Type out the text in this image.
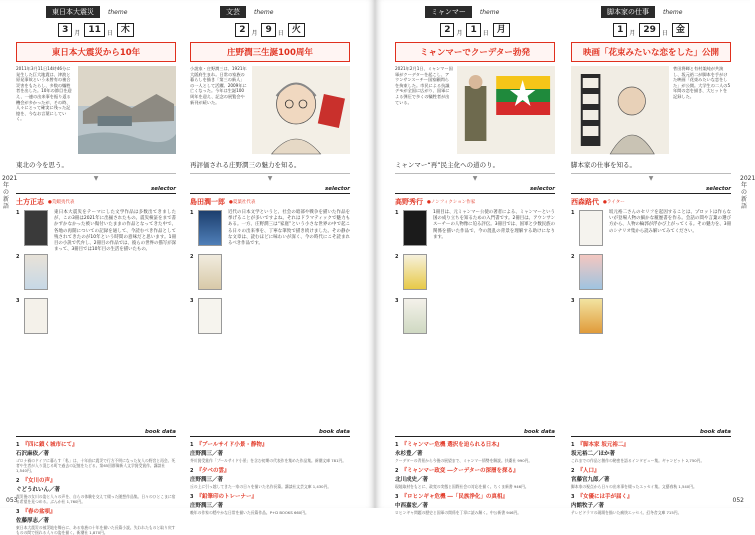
2021年の新語
053
東日本大震災	theme
3	月 11	日 木
東日本大震災から10年
2011年3月11日14時46分に発生した巨大地震は、津波と原発事故という未曾有の複合災害をもたらし、多数の犠牲者を出した。10年の節目を迎え、一連の出来事を振り返る機会が多かったが、その時、人々にとって確実に残った記憶を、今なお言葉にしていく。
東北の今を思う。
▼
selector
土方正志 ●荒蝦夷代表
1
2
3
東日本大震災をテーマにした文学作品は多数出てきましたが、この3冊は2021年に出揃されたもの。震災検証をまで書かずかなかった被い傷付いたままの作品となってきた中で、各地の再開についての記録を通して、今読むべき作品として残されてきたのが10年という時間の意味だと思います。1冊目の小説で代弁し、2冊目の作品では、彼らの世界の描写が深まって、3冊目では10年目の生活を描いたもの。
book data
1 『四に鎖く城市にて』
石沢麻依／著
ゴロナ禍のドイツに暮らす「私」は、十年前に震災で行方不明になった友人の野宮と再会。死者や生者が入り混じる町で過去の記憶をたどる。第65回群像新人文学賞受賞作。講談社 1,540円。
2 『女川の声』
ぐどうれいん／著
震災後の女川の姿と人々の声を、自らの体験を交えて綴った随想作品集。日々のひとこまに宿る希望を見つめる。ぶんか社 1,760円。
3 『春の盆唄』
佐藤厚志／著
東日本大震災の被災地を舞台に、ある家族の十年を描いた長篇小説。失われたものと取り戻すものの間で揺れる人々の姿を描く。新潮社 1,870円。
文芸	theme
2	月 9	日 火
庄野潤三生誕100周年
小説家・庄野潤三は、1921年大阪府生まれ。日常の家族の暮らしを描き「第三の新人」の一人として活躍。2009年に亡くなった。今年は生誕100周年を迎え、記念の展覧会や新刊が続いた。
再評価される庄野潤三の魅力を知る。
▼
selector
島田潤一郎 ●夏葉社代表
1
2
3
近代の日本文学というと、社会の暗部や戦争を描いた作品を挙げることが多いですよね。それはドラマティックで魅力もある。一方、庄野潤三は“家庭”という小さな世界の中で起こる日々の出来事を、丁寧な筆致で描き続けました。その静かな文章は、読むほどに味わいが深く、今の時代にこそ読まれるべき作品です。
book data
1 『プールサイド小景・静物』
庄野潤三／著
芥川賞受賞作「プールサイド小景」を含む初期の代表作を集めた作品集。新潮文庫 781円。
2 『夕べの雲』
庄野潤三／著
丘の上に引っ越してきた一家の日々を描いた名作長篇。講談社文芸文庫 1,430円。
3 『鉛筆印のトレーナー』
庄野潤三／著
晩年の作家の穏やかな日常を描いた長篇作品。P+D BOOKS 660円。
2021年の新語
052
ミャンマー	theme
2	月 1	日 月
ミャンマーでクーデター勃発
2021年2月1日、ミャンマー国軍がクーデターを起こし、アウンサンスーチー国家顧問らを拘束した。市民による抗議デモが全国に広がり、国軍による弾圧で多くの犠牲者が出ている。
ミャンマー“再”民主化への道のり。
▼
selector
高野秀行 ●ノンフィクション作家
1
2
3
1冊目は、元ミャンマー公使の著者による、ミャンマーという国の成り立ちを知るための入門書です。2冊目は、アウンサンスーチーの人物像に迫る評伝。3冊目では、国軍と少数民族の関係を描いた作品で、今の混乱の背景を理解する助けになります。
book data
1 『ミャンマー危機 選択を迫られる日本』
永杉豊／著
クーデターの背景から今後の展望まで、ミャンマー情勢を解説。扶桑社 990円。
2 『ミャンマー政変 ―クーデターの深層を探る』
北川成史／著
現地取材をもとに、政変の実態と国際社会の対応を描く。ちくま新書 946円。
3 『ロヒンギャ危機 ―「民族浄化」の真相』
中西嘉宏／著
ロヒンギャ問題の歴史と国軍の関係を丁寧に読み解く。中公新書 946円。
脚本家の仕事	theme
1	月 29	日 金
映画「花束みたいな恋をした」公開
菅田将暉と有村架純が共演し、坂元裕二が脚本を手がけた映画「花束みたいな恋をした」が公開。大学生の二人の5年間の恋を描き、大ヒットを記録した。
脚本家の仕事を知る。
▼
selector
西森路代 ●ライター
1
2
3
坂元裕二さんのセリフを起因することは、プロットは作らないが登場人物の細かな履歴書を作る。会話の間や言葉の選び方から、人物の輪郭が浮かび上がってくる。その魅力を、3冊のシナリオ集から読み解いてみてください。
book data
1 『脚本家 坂元裕二』
坂元裕二／ほか著
これまでの作品と創作の秘密を語るインタビュー集。ギャンビット 2,750円。
2 『人口』
宮藤官九郎／著
脚本家の視点から日々の出来事を綴ったエッセイ集。文藝春秋 1,540円。
3 『女優には手が届く』
内館牧子／著
テレビドラマの現場を描いた痛快エッセイ。幻冬舎文庫 715円。
